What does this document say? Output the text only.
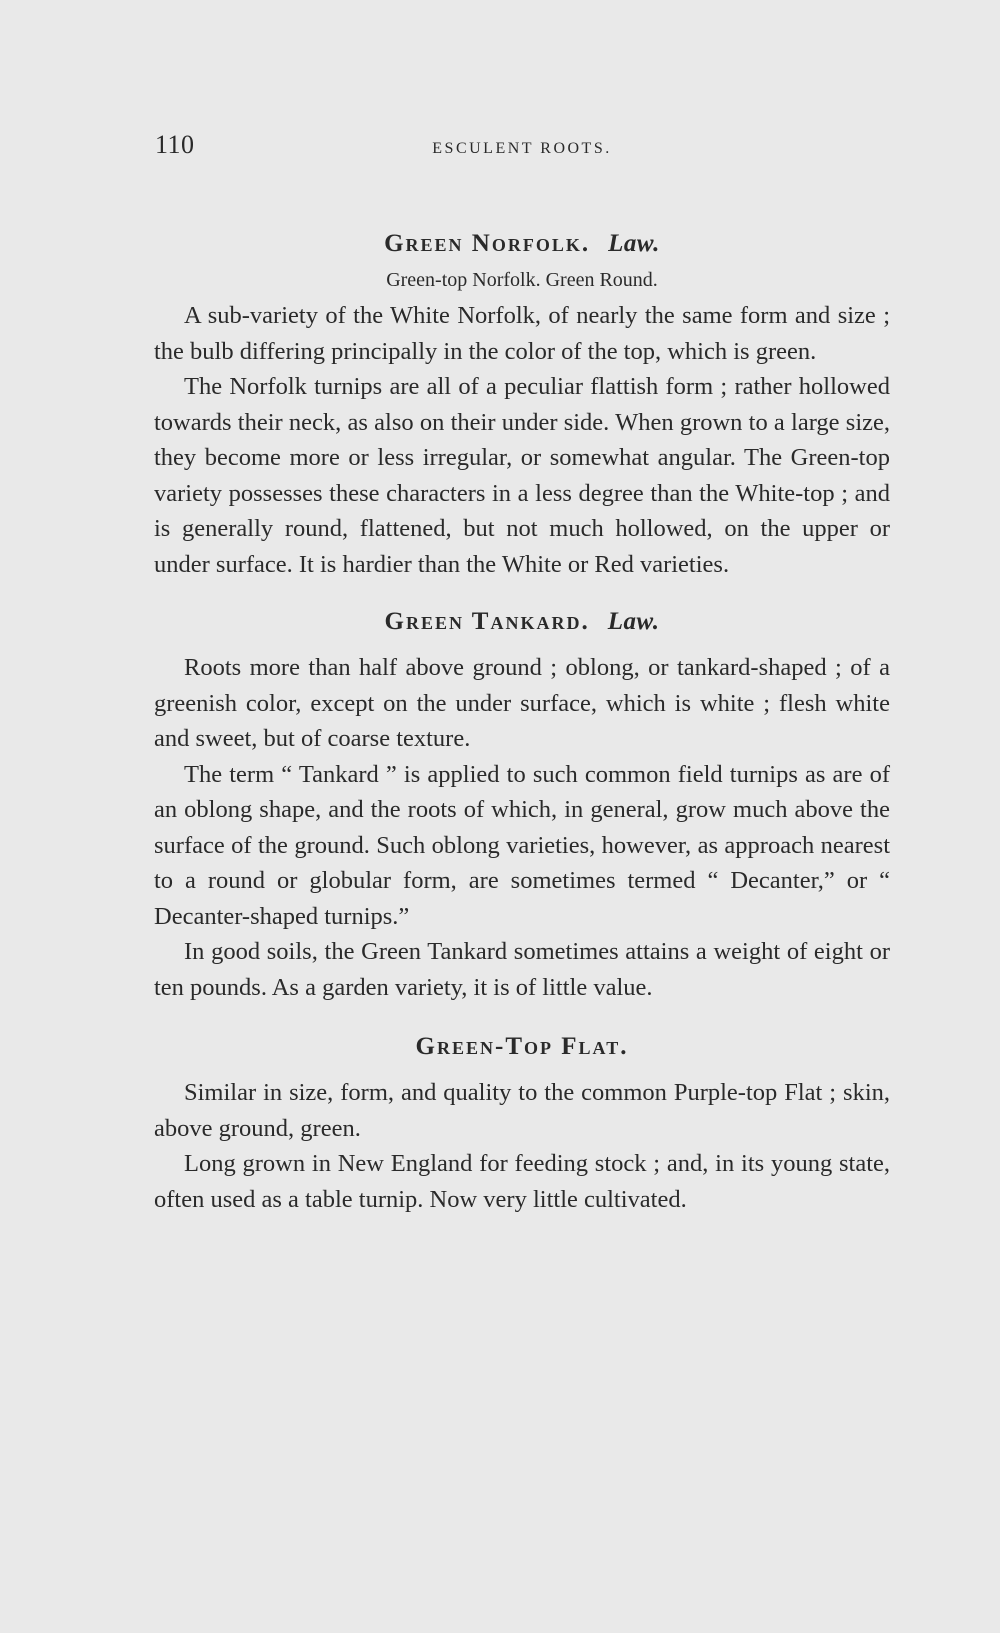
110	ESCULENT ROOTS.
Green Norfolk. Law.
Green-top Norfolk. Green Round.

A sub-variety of the White Norfolk, of nearly the same form and size ; the bulb differing principally in the color of the top, which is green.

The Norfolk turnips are all of a peculiar flattish form ; rather hollowed towards their neck, as also on their under side. When grown to a large size, they become more or less irregular, or somewhat angular. The Green-top variety possesses these characters in a less degree than the White-top ; and is generally round, flattened, but not much hollowed, on the upper or under surface. It is hardier than the White or Red varieties.

Green Tankard. Law.

Roots more than half above ground ; oblong, or tankard-shaped ; of a greenish color, except on the under surface, which is white ; flesh white and sweet, but of coarse texture.

The term “ Tankard ” is applied to such common field turnips as are of an oblong shape, and the roots of which, in general, grow much above the surface of the ground. Such oblong varieties, however, as approach nearest to a round or globular form, are sometimes termed “ Decanter,” or “ Decanter-shaped turnips.”

In good soils, the Green Tankard sometimes attains a weight of eight or ten pounds. As a garden variety, it is of little value.

Green-Top Flat.

Similar in size, form, and quality to the common Purple-top Flat ; skin, above ground, green.

Long grown in New England for feeding stock ; and, in its young state, often used as a table turnip. Now very little cultivated.
